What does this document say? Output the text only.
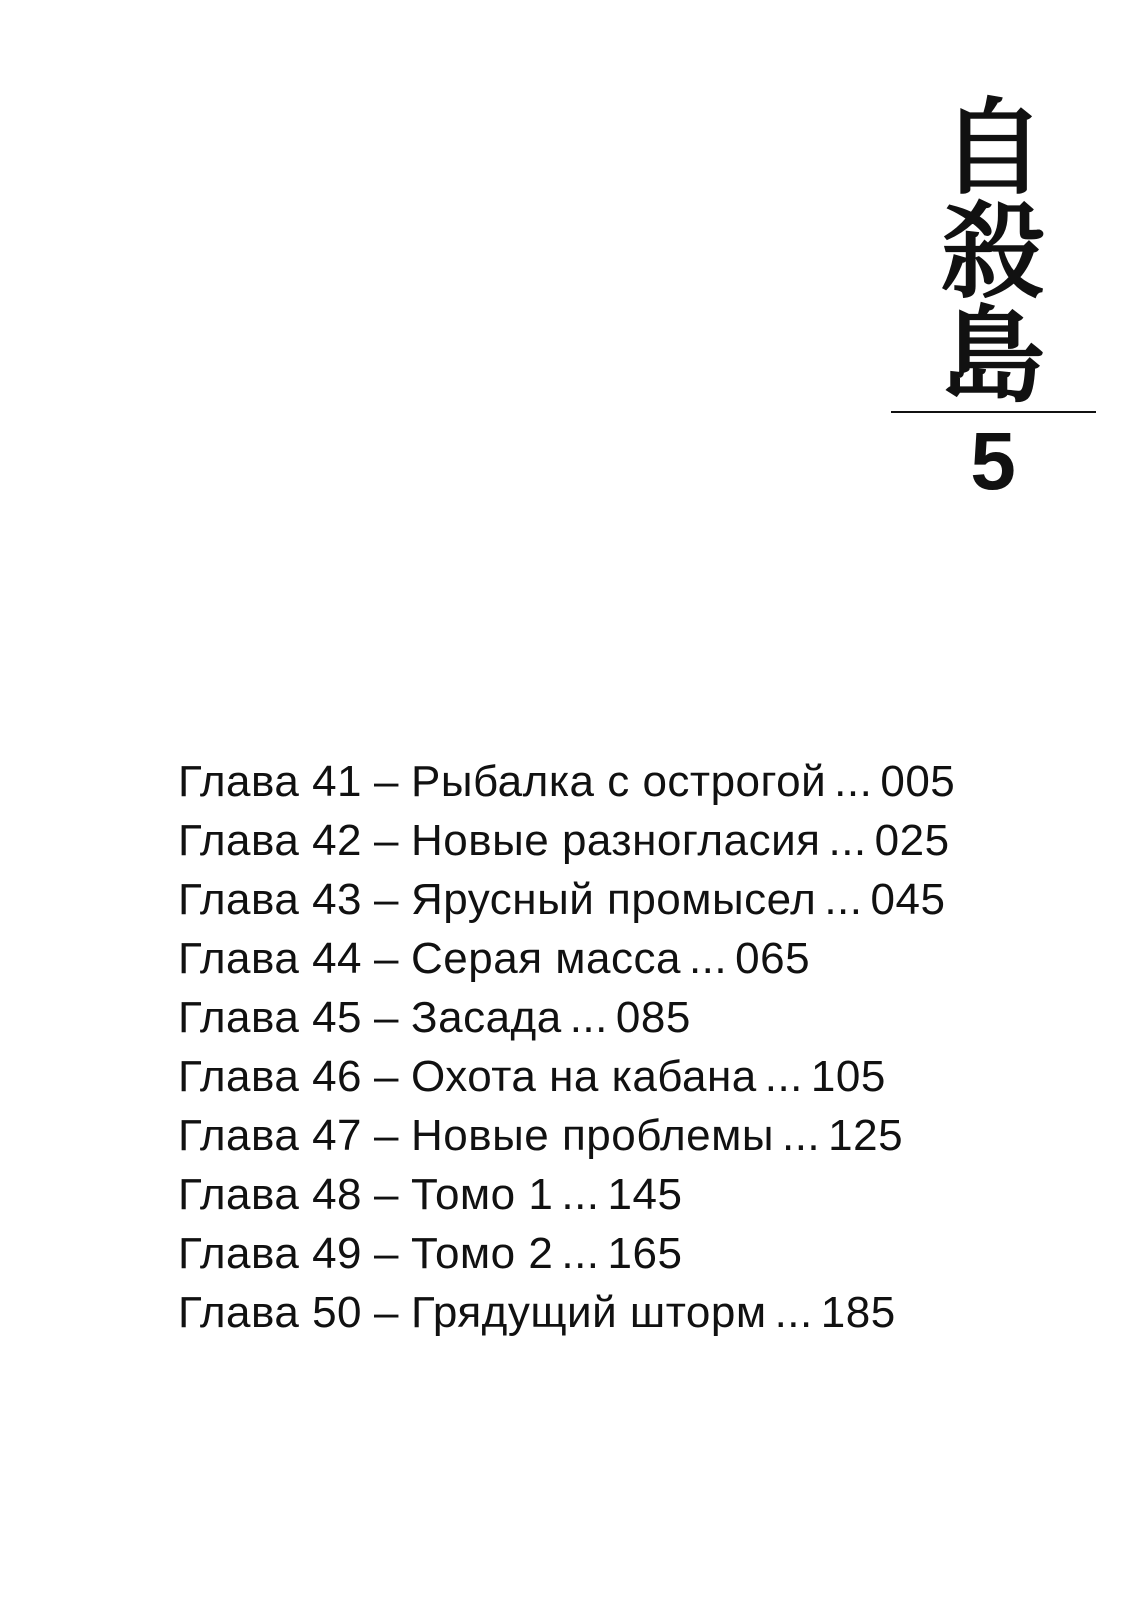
自
殺
島
5
Глава 41 – Рыбалка с острогой ... 005
Глава 42 – Новые разногласия ... 025
Глава 43 – Ярусный промысел ... 045
Глава 44 – Серая масса ... 065
Глава 45 – Засада ... 085
Глава 46 – Охота на кабана ... 105
Глава 47 – Новые проблемы ... 125
Глава 48 – Томо 1 ... 145
Глава 49 – Томо 2 ... 165
Глава 50 – Грядущий шторм ... 185
